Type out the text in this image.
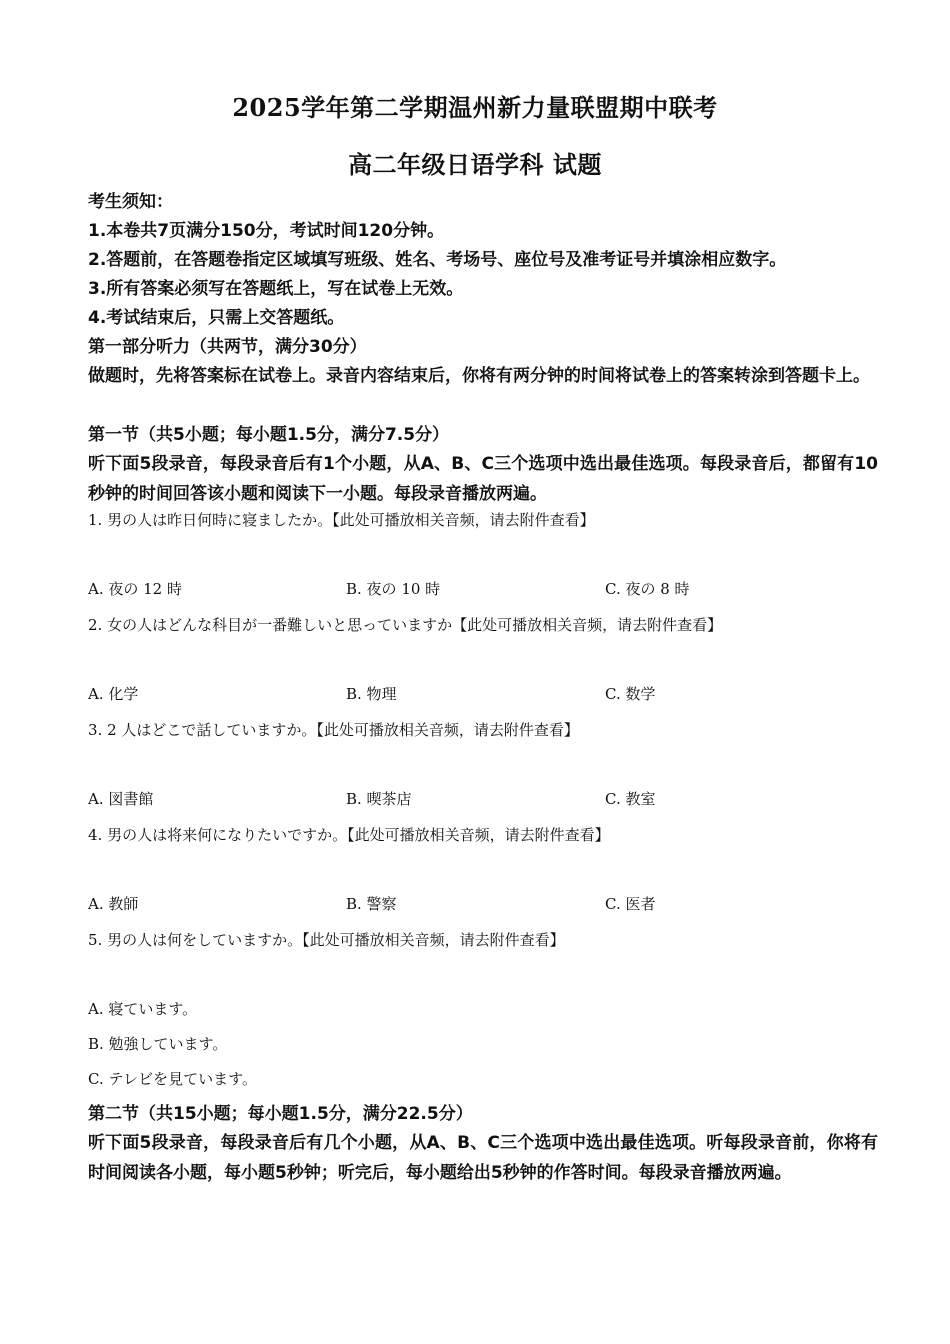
2025学年第二学期温州新力量联盟期中联考
高二年级日语学科 试题
考生须知：
1.本卷共7页满分150分，考试时间120分钟。
2.答题前，在答题卷指定区域填写班级、姓名、考场号、座位号及准考证号并填涂相应数字。
3.所有答案必须写在答题纸上，写在试卷上无效。
4.考试结束后，只需上交答题纸。
第一部分听力（共两节，满分30分）
做题时，先将答案标在试卷上。录音内容结束后，你将有两分钟的时间将试卷上的答案转涂到答题卡上。
第一节（共5小题；每小题1.5分，满分7.5分）
听下面5段录音，每段录音后有1个小题，从A、B、C三个选项中选出最佳选项。每段录音后，都留有10秒钟的时间回答该小题和阅读下一小题。每段录音播放两遍。
1. 男の人は昨日何時に寝ましたか。【此处可播放相关音频，请去附件查看】
A. 夜の 12 時	B. 夜の 10 時	C. 夜の 8 時
2. 女の人はどんな科目が一番難しいと思っていますか【此处可播放相关音频，请去附件查看】
A. 化学	B. 物理	C. 数学
3. 2 人はどこで話していますか。【此处可播放相关音频，请去附件查看】
A. 図書館	B. 喫茶店	C. 教室
4. 男の人は将来何になりたいですか。【此处可播放相关音频，请去附件查看】
A. 教師	B. 警察	C. 医者
5. 男の人は何をしていますか。【此处可播放相关音频，请去附件查看】
A. 寝ています。
B. 勉強しています。
C. テレビを見ています。
第二节（共15小题；每小题1.5分，满分22.5分）
听下面5段录音，每段录音后有几个小题，从A、B、C三个选项中选出最佳选项。听每段录音前，你将有时间阅读各小题，每小题5秒钟；听完后，每小题给出5秒钟的作答时间。每段录音播放两遍。
